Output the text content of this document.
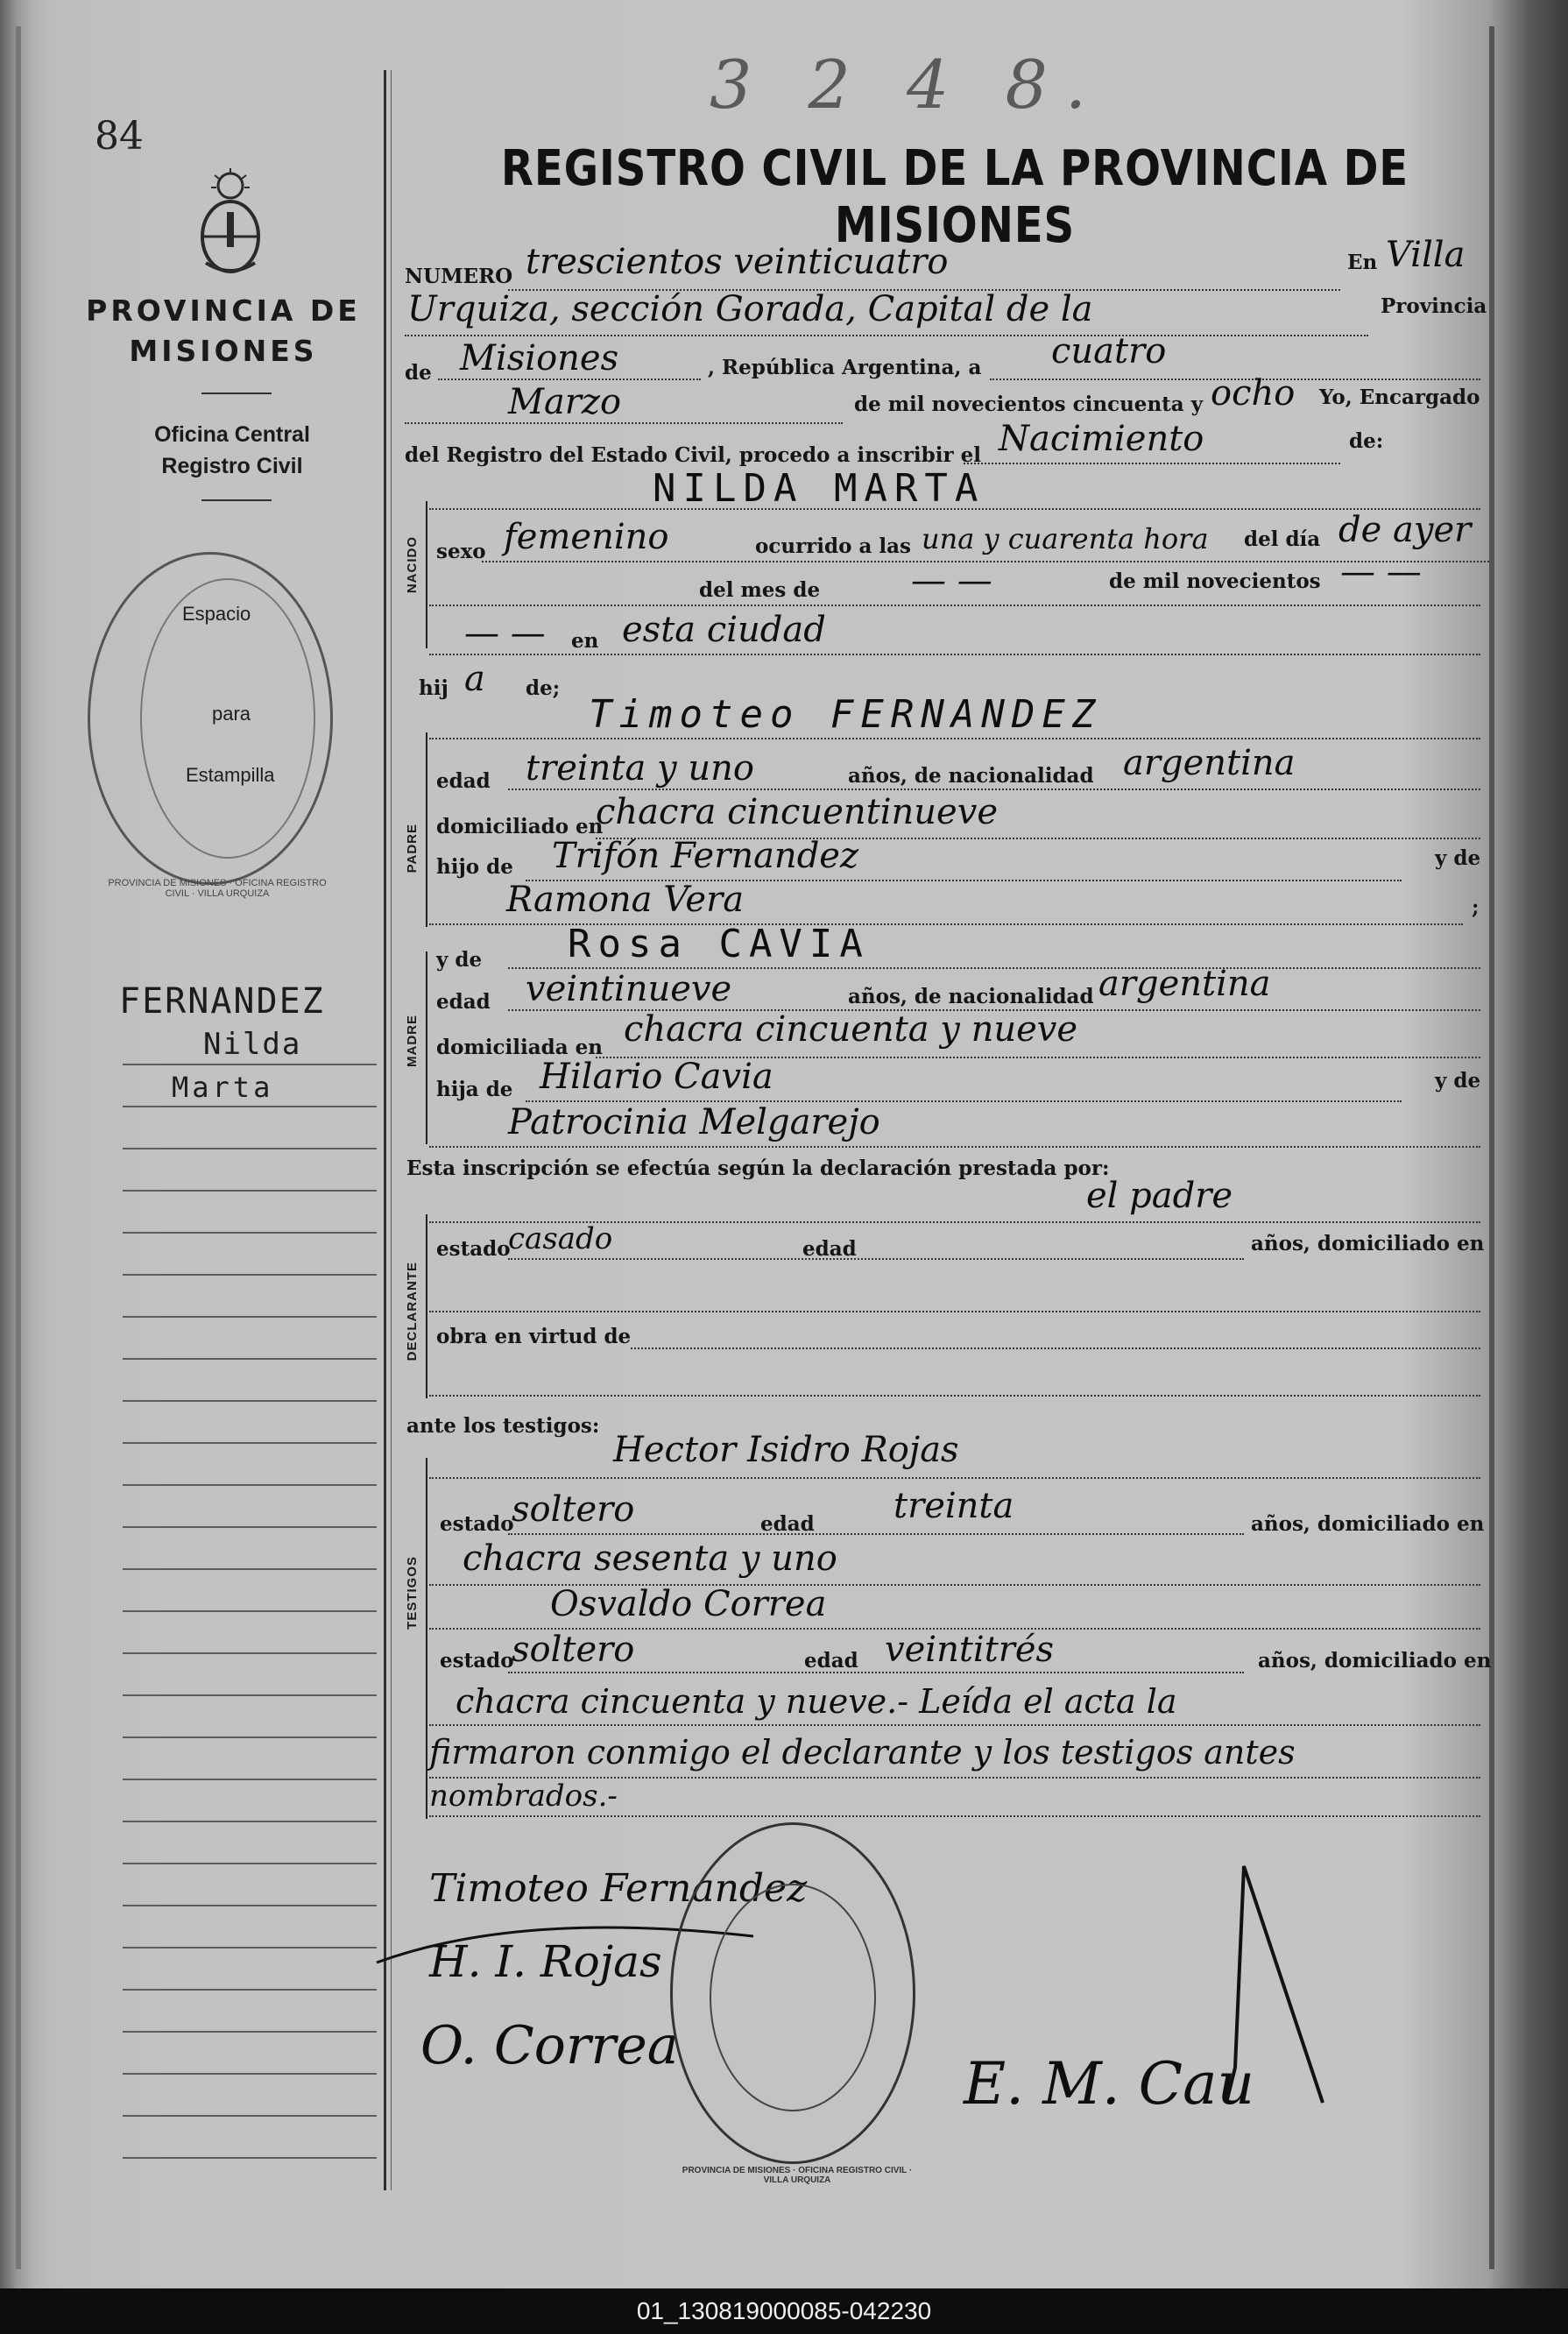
84
PROVINCIA DE
MISIONES
Oficina Central
Registro Civil
Espacio
para
Estampilla
PROVINCIA DE MISIONES · OFICINA REGISTRO CIVIL · VILLA URQUIZA
FERNANDEZ
Nilda
Marta
3 2 4 8.
REGISTRO CIVIL DE LA PROVINCIA DE MISIONES
NUMERO trescientos veinticuatro	En Villa
Urquiza, sección Gorada, Capital de la	Provincia
de Misiones	, República Argentina, a cuatro
Marzo	de mil novecientos cincuenta y ocho Yo, Encargado
del Registro del Estado Civil, procedo a inscribir el Nacimiento	de:
NILDA MARTA
NACIDO sexo femenino	ocurrido a las una y cuarenta hora del día de ayer
del mes de	— —	de mil novecientos — —
— — en esta ciudad
hij a de;
Timoteo FERNANDEZ
PADRE
edad treinta y uno	años, de nacionalidad argentina
domiciliado en
chacra cincuentinueve
hijo de Trifón Fernandez	y de
Ramona Vera	;
y de Rosa CAVIA
MADRE
edad veintinueve	años, de nacionalidad argentina
domiciliada en chacra cincuenta y nueve
hija de Hilario Cavia	y de
Patrocinia Melgarejo
Esta inscripción se efectúa según la declaración prestada por:
el padre
DECLARANTE
estado
casado	edad	años, domiciliado en
obra en virtud de
ante los testigos:
Hector Isidro Rojas
TESTIGOS
estado
soltero	edad treinta	años, domiciliado en
chacra sesenta y uno
Osvaldo Correa
estado
soltero	edad veintitrés	años, domiciliado en
chacra cincuenta y nueve.- Leída el acta la
firmaron conmigo el declarante y los testigos antes
nombrados.-
Timoteo Fernandez
H. I. Rojas
O. Correa
PROVINCIA DE MISIONES · OFICINA REGISTRO CIVIL · VILLA URQUIZA
E. M. Cau
01_130819000085-042230
